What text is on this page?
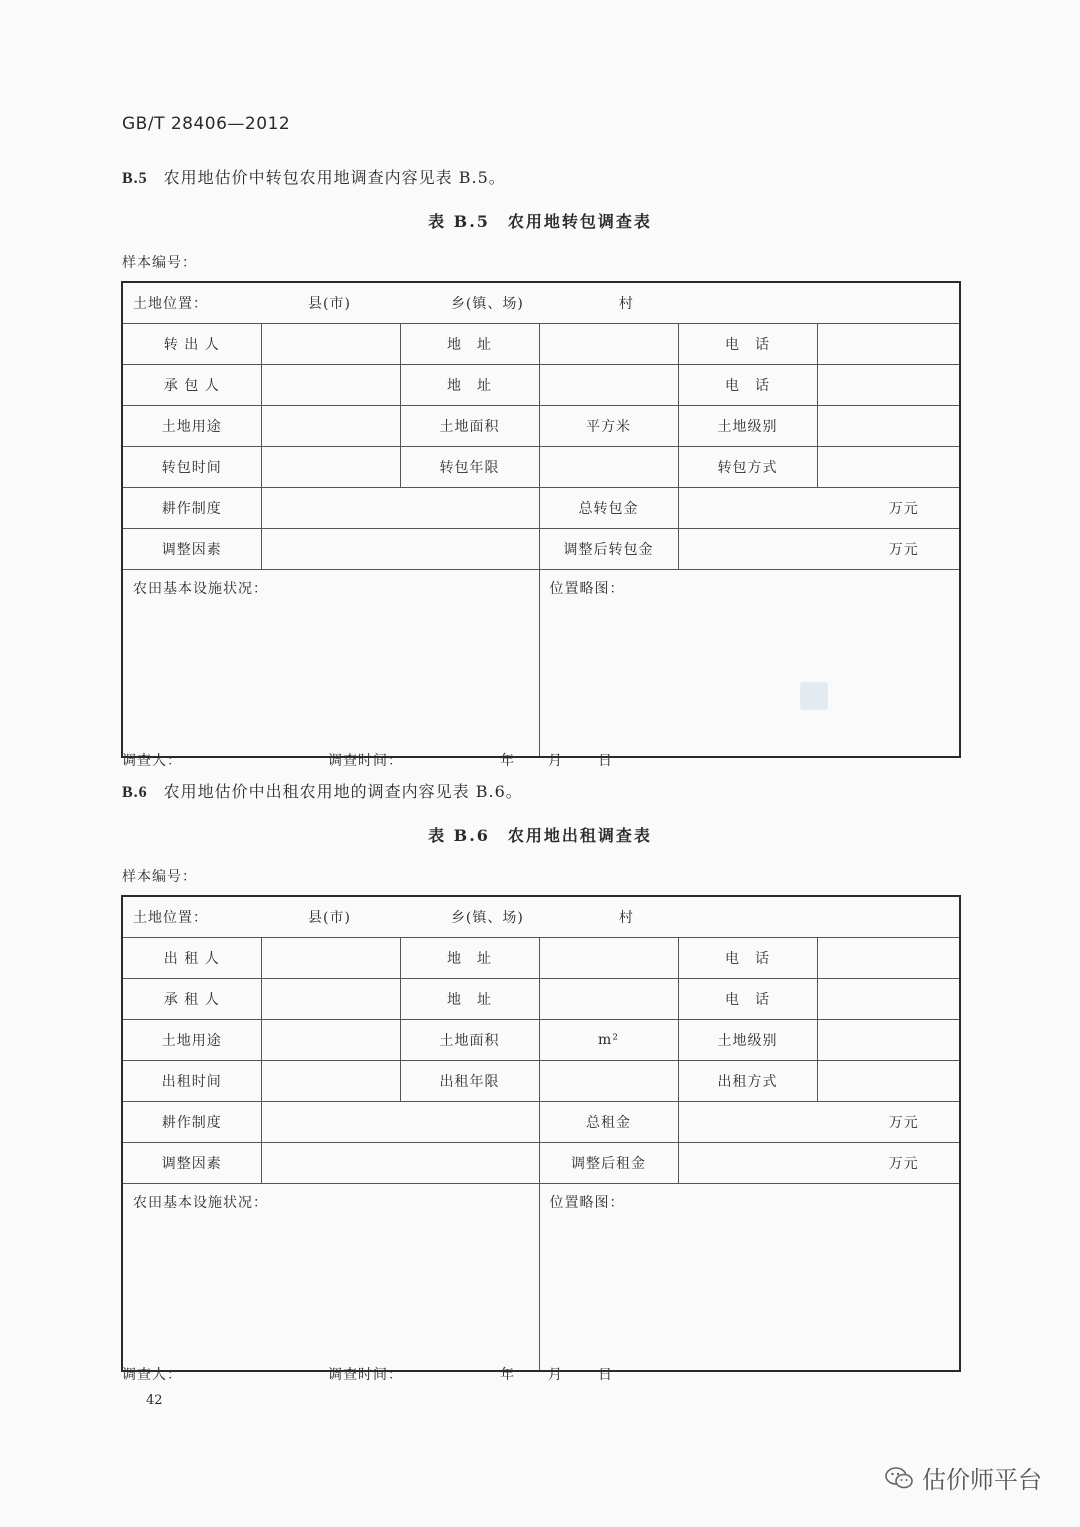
GB/T 28406—2012
B.5 农用地估价中转包农用地调查内容见表 B.5。
表 B.5　农用地转包调查表
样本编号：
土地位置： 县(市) 乡(镇、场) 村					
转 出 人		地　址		电　话	
承 包 人		地　址		电　话	
土地用途		土地面积	平方米	土地级别	
转包时间		转包年限		转包方式	
耕作制度			总转包金	万元	
调整因素			调整后转包金	万元	
农田基本设施状况：			位置略图：		
调查人：	调查时间：	年 月	日
B.6 农用地估价中出租农用地的调查内容见表 B.6。
表 B.6　农用地出租调查表
样本编号：
土地位置： 县(市) 乡(镇、场) 村					
出 租 人		地　址		电　话	
承 租 人		地　址		电　话	
土地用途		土地面积	m²	土地级别	
出租时间		出租年限		出租方式	
耕作制度			总租金	万元	
调整因素			调整后租金	万元	
农田基本设施状况：			位置略图：		
调查人：	调查时间：	年 月	日
42
估价师平台
